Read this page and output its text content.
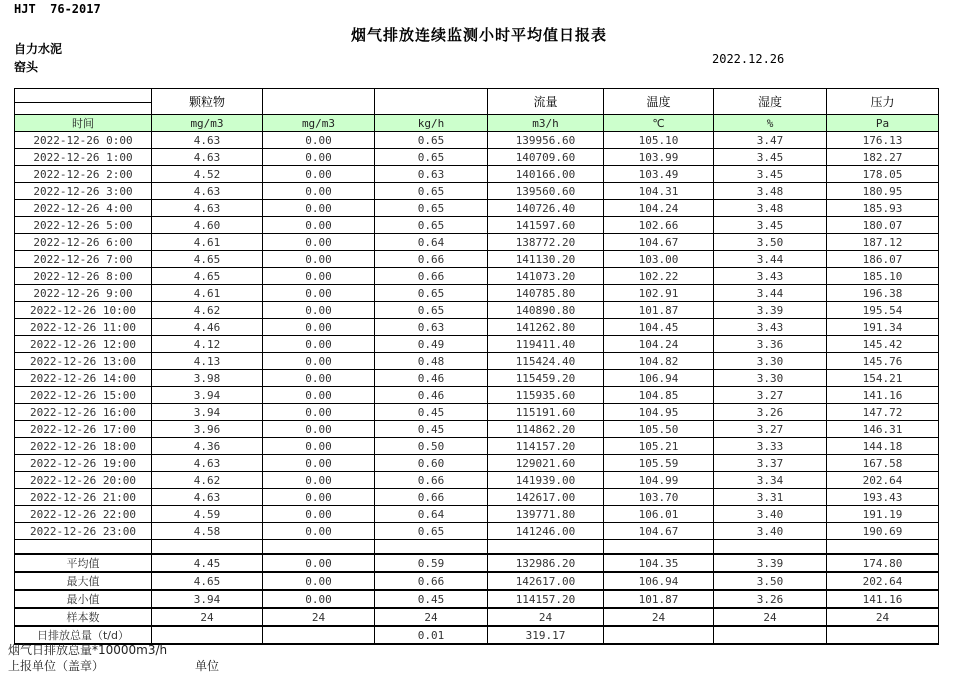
HJT  76-2017
烟气排放连续监测小时平均值日报表
自力水泥
窑头
2022.12.26
	颗粒物			流量	温度	湿度	压力
时间	mg/m3	mg/m3	kg/h	m3/h	℃	%	Pa
2022-12-26 0:00	4.63	0.00	0.65	139956.60	105.10	3.47	176.13
2022-12-26 1:00	4.63	0.00	0.65	140709.60	103.99	3.45	182.27
2022-12-26 2:00	4.52	0.00	0.63	140166.00	103.49	3.45	178.05
2022-12-26 3:00	4.63	0.00	0.65	139560.60	104.31	3.48	180.95
2022-12-26 4:00	4.63	0.00	0.65	140726.40	104.24	3.48	185.93
2022-12-26 5:00	4.60	0.00	0.65	141597.60	102.66	3.45	180.07
2022-12-26 6:00	4.61	0.00	0.64	138772.20	104.67	3.50	187.12
2022-12-26 7:00	4.65	0.00	0.66	141130.20	103.00	3.44	186.07
2022-12-26 8:00	4.65	0.00	0.66	141073.20	102.22	3.43	185.10
2022-12-26 9:00	4.61	0.00	0.65	140785.80	102.91	3.44	196.38
2022-12-26 10:00	4.62	0.00	0.65	140890.80	101.87	3.39	195.54
2022-12-26 11:00	4.46	0.00	0.63	141262.80	104.45	3.43	191.34
2022-12-26 12:00	4.12	0.00	0.49	119411.40	104.24	3.36	145.42
2022-12-26 13:00	4.13	0.00	0.48	115424.40	104.82	3.30	145.76
2022-12-26 14:00	3.98	0.00	0.46	115459.20	106.94	3.30	154.21
2022-12-26 15:00	3.94	0.00	0.46	115935.60	104.85	3.27	141.16
2022-12-26 16:00	3.94	0.00	0.45	115191.60	104.95	3.26	147.72
2022-12-26 17:00	3.96	0.00	0.45	114862.20	105.50	3.27	146.31
2022-12-26 18:00	4.36	0.00	0.50	114157.20	105.21	3.33	144.18
2022-12-26 19:00	4.63	0.00	0.60	129021.60	105.59	3.37	167.58
2022-12-26 20:00	4.62	0.00	0.66	141939.00	104.99	3.34	202.64
2022-12-26 21:00	4.63	0.00	0.66	142617.00	103.70	3.31	193.43
2022-12-26 22:00	4.59	0.00	0.64	139771.80	106.01	3.40	191.19
2022-12-26 23:00	4.58	0.00	0.65	141246.00	104.67	3.40	190.69

平均值	4.45	0.00	0.59	132986.20	104.35	3.39	174.80
最大值	4.65	0.00	0.66	142617.00	106.94	3.50	202.64
最小值	3.94	0.00	0.45	114157.20	101.87	3.26	141.16
样本数	24	24	24	24	24	24	24
日排放总量（t/d）			0.01	319.17			
烟气日排放总量*10000m3/h
上报单位（盖章）	单位
